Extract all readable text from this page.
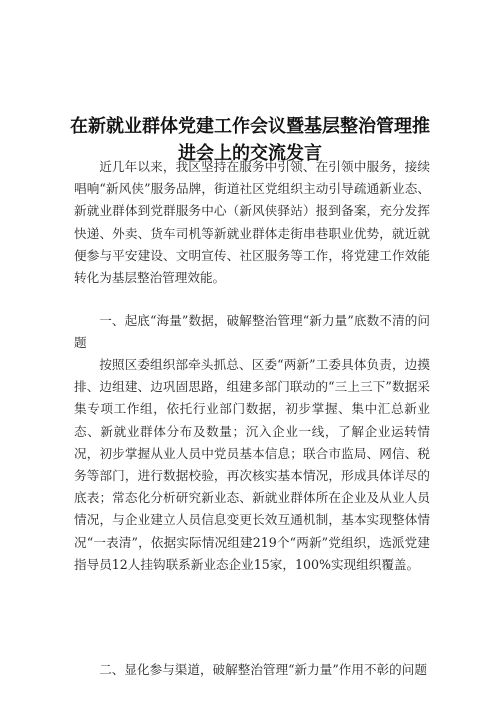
在新就业群体党建工作会议暨基层整治管理推进会上的交流发言

近几年以来，我区坚持在服务中引领、在引领中服务，接续唱响“新风侠”服务品牌，街道社区党组织主动引导疏通新业态、新就业群体到党群服务中心（新风侠驿站）报到备案，充分发挥快递、外卖、货车司机等新就业群体走街串巷职业优势，就近就便参与平安建设、文明宣传、社区服务等工作，将党建工作效能转化为基层整治管理效能。

一、起底“海量”数据，破解整治管理“新力量”底数不清的问题

按照区委组织部牵头抓总、区委“两新”工委具体负责，边摸排、边组建、边巩固思路，组建多部门联动的“三上三下”数据采集专项工作组，依托行业部门数据，初步掌握、集中汇总新业态、新就业群体分布及数量；沉入企业一线，了解企业运转情况，初步掌握从业人员中党员基本信息；联合市监局、网信、税务等部门，进行数据校验，再次核实基本情况，形成具体详尽的底表；常态化分析研究新业态、新就业群体所在企业及从业人员情况，与企业建立人员信息变更长效互通机制，基本实现整体情况“一表清”，依据实际情况组建219个“两新”党组织，选派党建指导员12人挂钩联系新业态企业15家，100%实现组织覆盖。

二、显化参与渠道，破解整治管理“新力量”作用不彰的问题
